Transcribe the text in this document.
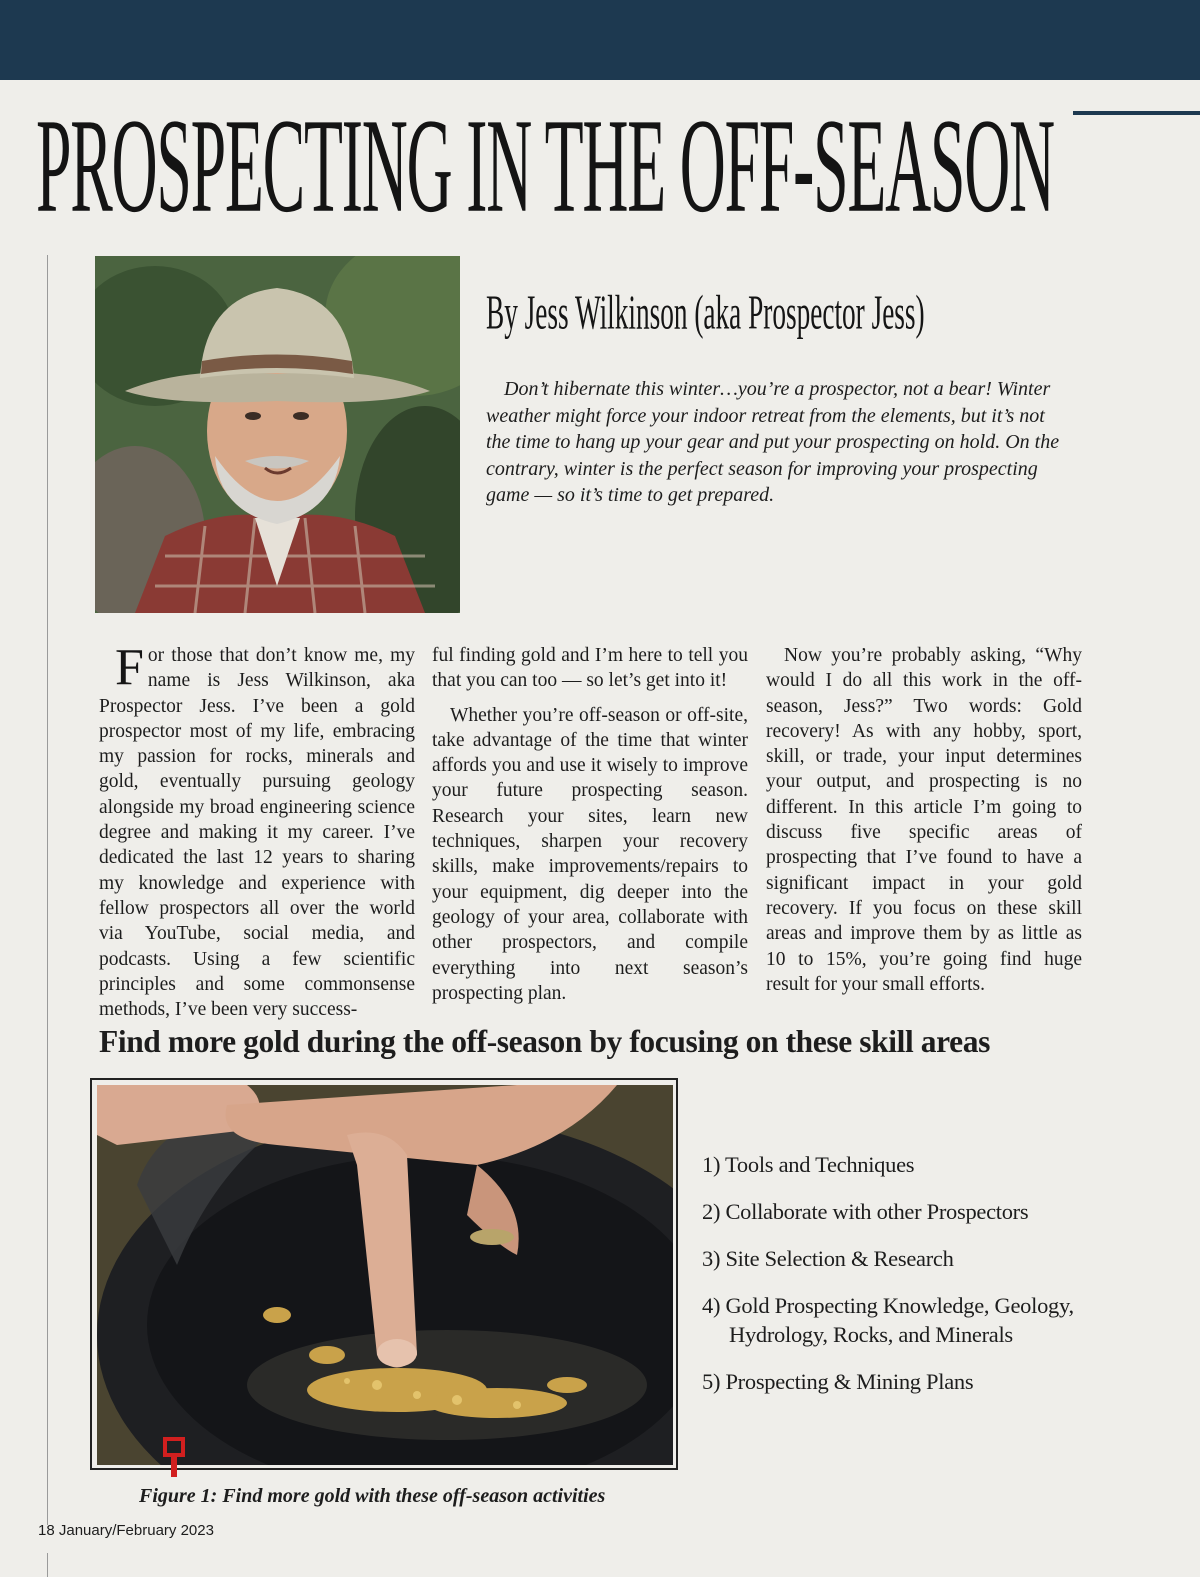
PROSPECTING IN THE OFF-SEASON
By Jess Wilkinson (aka Prospector Jess)

Don’t hibernate this winter…you’re a prospector, not a bear! Winter weather might force your indoor retreat from the elements, but it’s not the time to hang up your gear and put your prospecting on hold. On the contrary, winter is the perfect season for improving your prospecting game — so it’s time to get prepared.

For those that don’t know me, my name is Jess Wilkinson, aka Prospector Jess. I’ve been a gold prospector most of my life, embracing my passion for rocks, minerals and gold, eventually pursuing geology alongside my broad engineering science degree and making it my career. I’ve dedicated the last 12 years to sharing my knowledge and experience with fellow prospectors all over the world via YouTube, social media, and podcasts. Using a few scientific principles and some commonsense methods, I’ve been very success-

ful finding gold and I’m here to tell you that you can too — so let’s get into it!

Whether you’re off-season or off-site, take advantage of the time that winter affords you and use it wisely to improve your future prospecting season. Research your sites, learn new techniques, sharpen your recovery skills, make improvements/repairs to your equipment, dig deeper into the geology of your area, collaborate with other prospectors, and compile everything into next season’s prospecting plan.

Now you’re probably asking, “Why would I do all this work in the off-season, Jess?” Two words: Gold recovery! As with any hobby, sport, skill, or trade, your input determines your output, and prospecting is no different. In this article I’m going to discuss five specific areas of prospecting that I’ve found to have a significant impact in your gold recovery. If you focus on these skill areas and improve them by as little as 10 to 15%, you’re going find huge result for your small efforts.

Find more gold during the off-season by focusing on these skill areas

Figure 1: Find more gold with these off-season activities

1) Tools and Techniques
2) Collaborate with other Prospectors
3) Site Selection & Research
4) Gold Prospecting Knowledge, Geology, Hydrology, Rocks, and Minerals
5) Prospecting & Mining Plans
18 January/February 2023
